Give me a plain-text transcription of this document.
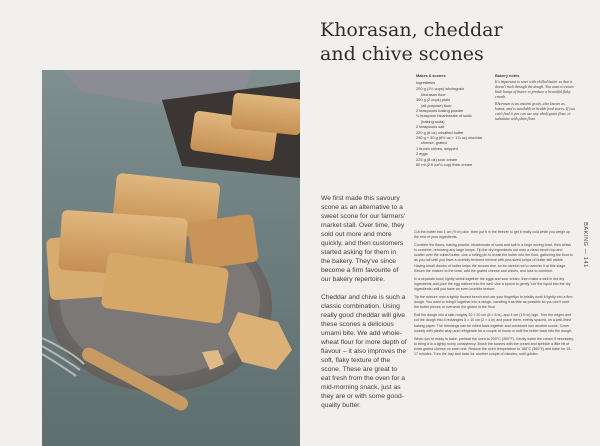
Khorasan, cheddar and chive scones
Makes 8 scones
Ingredients
200 g (1⅓ cups) wholegrain
khorasan flour
300 g (2 cups) plain
(all-purpose) flour
2 teaspoons baking powder
¼ teaspoon bicarbonate of soda
(baking soda)
2 teaspoons salt
220 g (8 oz) unsalted butter
240 g + 50 g (8½ oz + 1¾ oz) cheddar
cheese, grated
1 bunch chives, snipped
2 eggs
225 g (8 oz) sour cream
60 ml (2 fl oz/¼ cup) thick cream
Bakery notes

It's important to start with chilled butter so that it doesn't melt through the dough. You want to retain little lumps of butter to produce a beautiful flaky crumb.

Khorasan is an ancient grain, also known as kamut, and is available in health food stores. If you can't find it you can use any wholegrain flour, or substitute with plain flour.

We first made this savoury scone as an alternative to a sweet scone for our farmers' market stall. Over time, they sold out more and more quickly, and then customers started asking for them in the bakery. They've since become a firm favourite of our bakery repertoire.

Cheddar and chive is such a classic combination. Using really good cheddar will give these scones a delicious umami bite. We add whole-wheat flour for more depth of flavour – it also improves the soft, flaky texture of the scone. These are great to eat fresh from the oven for a mid-morning snack, just as they are or with some good-quality butter.

Cut the butter into 1 cm (½ in) dice, then put it in the freezer to get it really cold while you weigh up the rest of your ingredients.

Combine the flours, baking powder, bicarbonate of soda and salt in a large mixing bowl, then whisk to combine, removing any large lumps. Tip the dry ingredients out onto a clean bench top and scatter over the cubed butter. Use a rolling pin to break the butter into the flour, gathering the flour in as you roll until you have a crumbly textured mixture with pea-sized lumps of butter still visible. Having small chunks of butter helps the scones rise, so be careful not to overmix it at this stage. Return the mixture to the bowl, add the grated cheese and chives, and toss to combine.

In a separate bowl, lightly whisk together the eggs and sour cream, then make a well in the dry ingredients and pour the egg mixture into the well. Use a spoon to gently 'cut' the liquid into the dry ingredients until you have an even crumble texture.

Tip the mixture onto a lightly floured bench and use your fingertips to briskly work it lightly into a firm dough. You want to bring it together into a dough, handling it as little as possible so you don't melt the butter pieces or overwork the gluten in the flour.

Roll the dough into a slab roughly 20 × 20 cm (8 × 8 in), and 4 cm (1½ in) high. Trim the edges and cut the dough into 8 rectangles 5 × 10 cm (2 × 4 in) and place them, evenly spaced, on a well-lined baking paper. The trimmings can be rolled back together and combined into another scone. Cover loosely with plastic wrap and refrigerate for a couple of hours or until the butter back into the dough.

When you're ready to bake, preheat the oven to 200°C (390°F). Gently warm the cream if necessary, to bring it to a lightly runny consistency. Brush the scones with the cream and sprinkle a little bit of extra grated cheese on each one. Reduce the oven temperature to 180°C (360°F) and bake for 15–17 minutes. Turn the tray and bake for another couple of minutes, until golden.

BAKING — 141
